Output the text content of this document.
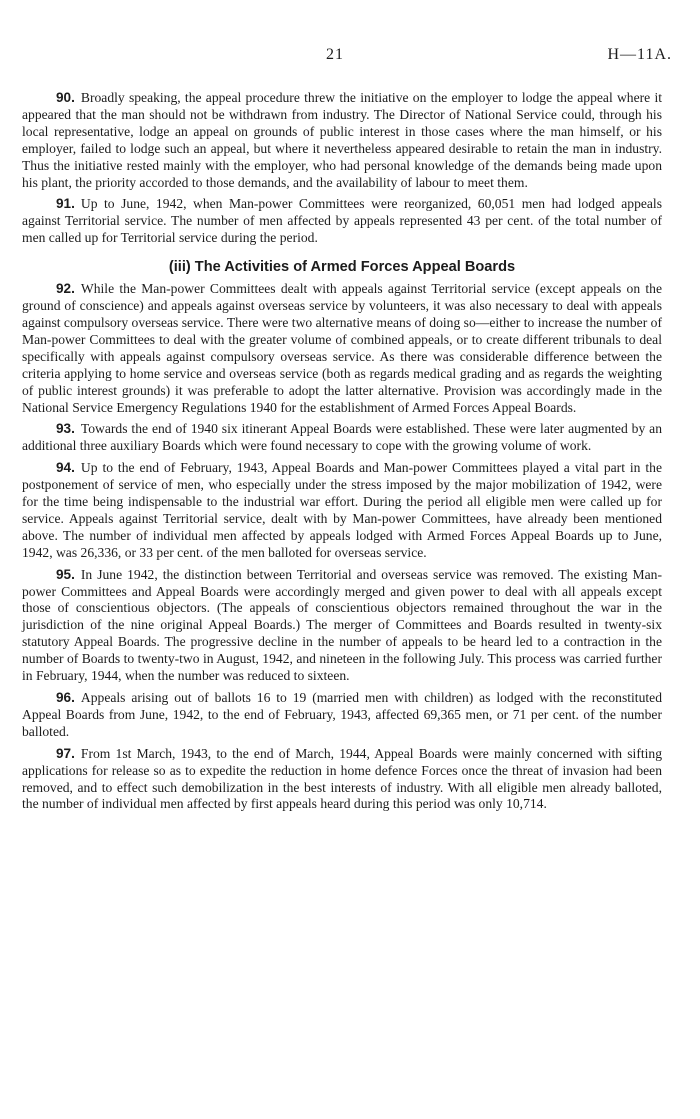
21	H—11A.

90. Broadly speaking, the appeal procedure threw the initiative on the employer to lodge the appeal where it appeared that the man should not be withdrawn from industry. The Director of National Service could, through his local representative, lodge an appeal on grounds of public interest in those cases where the man himself, or his employer, failed to lodge such an appeal, but where it nevertheless appeared desirable to retain the man in industry. Thus the initiative rested mainly with the employer, who had personal knowledge of the demands being made upon his plant, the priority accorded to those demands, and the availability of labour to meet them.

91. Up to June, 1942, when Man-power Committees were reorganized, 60,051 men had lodged appeals against Territorial service. The number of men affected by appeals represented 43 per cent. of the total number of men called up for Territorial service during the period.

(iii) The Activities of Armed Forces Appeal Boards

92. While the Man-power Committees dealt with appeals against Territorial service (except appeals on the ground of conscience) and appeals against overseas service by volunteers, it was also necessary to deal with appeals against compulsory overseas service. There were two alternative means of doing so—either to increase the number of Man-power Committees to deal with the greater volume of combined appeals, or to create different tribunals to deal specifically with appeals against compulsory overseas service. As there was considerable difference between the criteria applying to home service and overseas service (both as regards medical grading and as regards the weighting of public interest grounds) it was preferable to adopt the latter alternative. Provision was accordingly made in the National Service Emergency Regulations 1940 for the establishment of Armed Forces Appeal Boards.

93. Towards the end of 1940 six itinerant Appeal Boards were established. These were later augmented by an additional three auxiliary Boards which were found necessary to cope with the growing volume of work.

94. Up to the end of February, 1943, Appeal Boards and Man-power Committees played a vital part in the postponement of service of men, who especially under the stress imposed by the major mobilization of 1942, were for the time being indispensable to the industrial war effort. During the period all eligible men were called up for service. Appeals against Territorial service, dealt with by Man-power Committees, have already been mentioned above. The number of individual men affected by appeals lodged with Armed Forces Appeal Boards up to June, 1942, was 26,336, or 33 per cent. of the men balloted for overseas service.

95. In June 1942, the distinction between Territorial and overseas service was removed. The existing Man-power Committees and Appeal Boards were accordingly merged and given power to deal with all appeals except those of conscientious objectors. (The appeals of conscientious objectors remained throughout the war in the jurisdiction of the nine original Appeal Boards.) The merger of Committees and Boards resulted in twenty-six statutory Appeal Boards. The progressive decline in the number of appeals to be heard led to a contraction in the number of Boards to twenty-two in August, 1942, and nineteen in the following July. This process was carried further in February, 1944, when the number was reduced to sixteen.

96. Appeals arising out of ballots 16 to 19 (married men with children) as lodged with the reconstituted Appeal Boards from June, 1942, to the end of February, 1943, affected 69,365 men, or 71 per cent. of the number balloted.

97. From 1st March, 1943, to the end of March, 1944, Appeal Boards were mainly concerned with sifting applications for release so as to expedite the reduction in home defence Forces once the threat of invasion had been removed, and to effect such demobilization in the best interests of industry. With all eligible men already balloted, the number of individual men affected by first appeals heard during this period was only 10,714.
